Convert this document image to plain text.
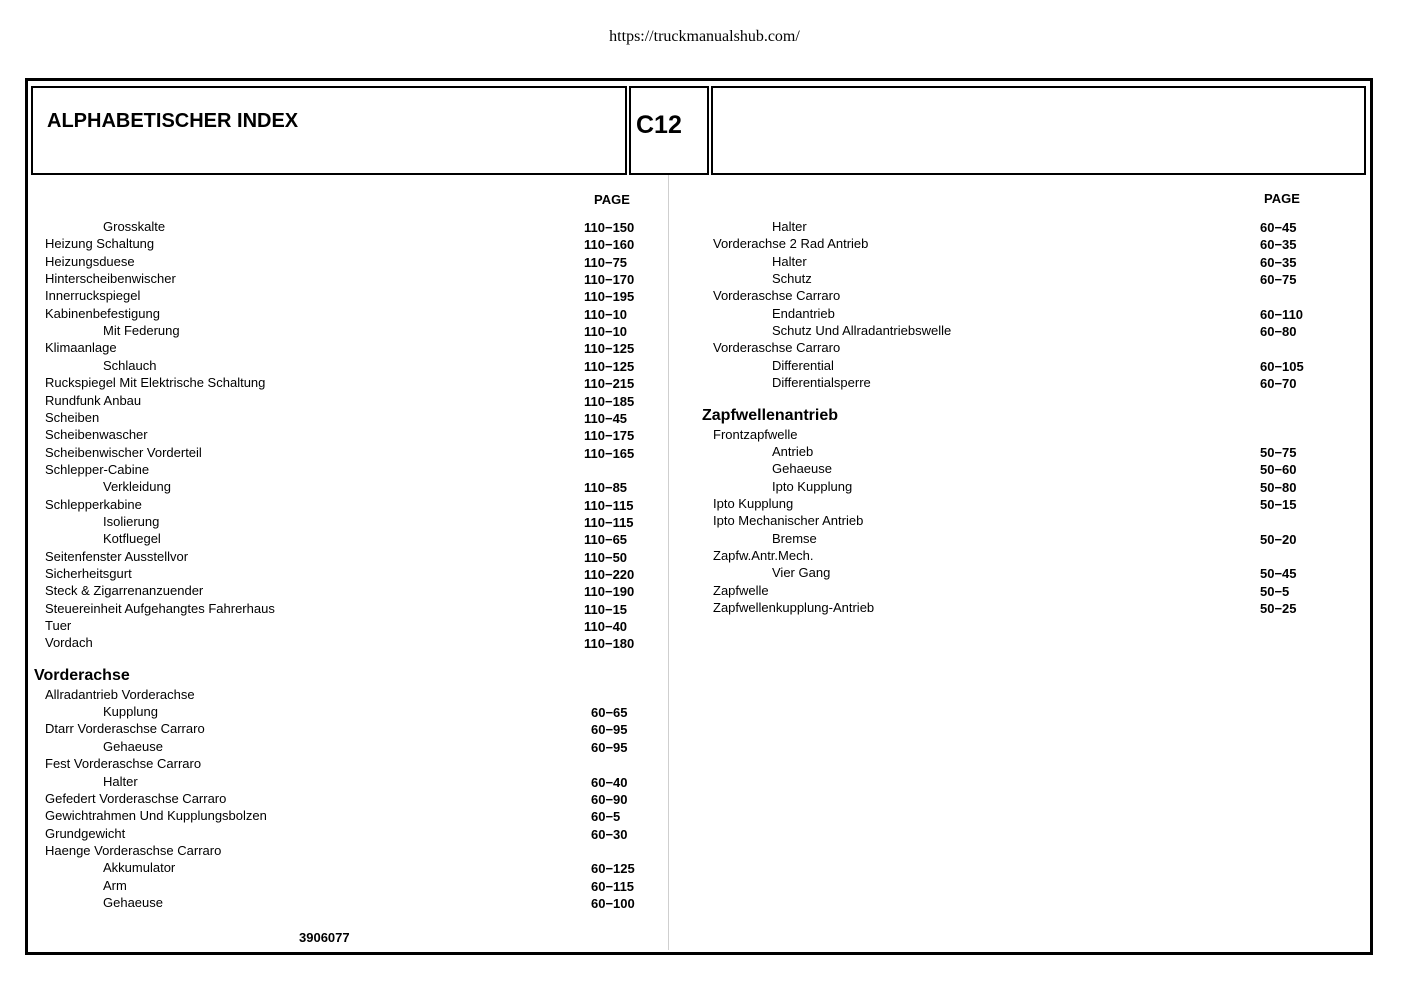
https://truckmanualshub.com/
ALPHABETISCHER INDEX	C12
PAGE	PAGE
Grosskalte	110−150
Heizung Schaltung	110−160
Heizungsduese	110−75
Hinterscheibenwischer	110−170
Innerruckspiegel	110−195
Kabinenbefestigung	110−10
Mit Federung	110−10
Klimaanlage	110−125
Schlauch	110−125
Ruckspiegel Mit Elektrische Schaltung	110−215
Rundfunk Anbau	110−185
Scheiben	110−45
Scheibenwascher	110−175
Scheibenwischer Vorderteil	110−165
Schlepper-Cabine
Verkleidung	110−85
Schlepperkabine	110−115
Isolierung	110−115
Kotfluegel	110−65
Seitenfenster Ausstellvor	110−50
Sicherheitsgurt	110−220
Steck & Zigarrenanzuender	110−190
Steuereinheit Aufgehangtes Fahrerhaus	110−15
Tuer	110−40
Vordach	110−180
Vorderachse
Allradantrieb Vorderachse
Kupplung	60−65
Dtarr Vorderaschse Carraro	60−95
Gehaeuse	60−95
Fest Vorderaschse Carraro
Halter	60−40
Gefedert Vorderaschse Carraro	60−90
Gewichtrahmen Und Kupplungsbolzen	60−5
Grundgewicht	60−30
Haenge Vorderaschse Carraro
Akkumulator	60−125
Arm	60−115
Gehaeuse	60−100
Halter	60−45
Vorderachse 2 Rad Antrieb	60−35
Halter	60−35
Schutz	60−75
Vorderaschse Carraro
Endantrieb	60−110
Schutz Und Allradantriebswelle	60−80
Vorderaschse Carraro
Differential	60−105
Differentialsperre	60−70
Zapfwellenantrieb
Frontzapfwelle
Antrieb	50−75
Gehaeuse	50−60
Ipto Kupplung	50−80
Ipto Kupplung	50−15
Ipto Mechanischer Antrieb
Bremse	50−20
Zapfw.Antr.Mech.
Vier Gang	50−45
Zapfwelle	50−5
Zapfwellenkupplung-Antrieb	50−25
3906077
